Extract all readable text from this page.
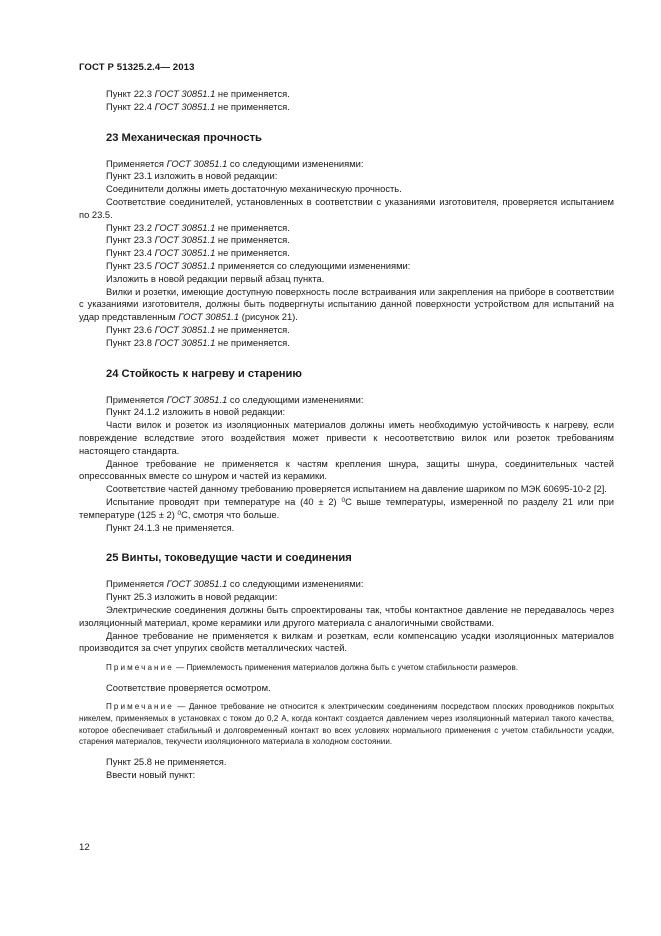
ГОСТ Р 51325.2.4— 2013

Пункт 22.3 ГОСТ 30851.1 не применяется.

Пункт 22.4 ГОСТ 30851.1 не применяется.

23 Механическая прочность

Применяется ГОСТ 30851.1 со следующими изменениями:

Пункт 23.1 изложить в новой редакции:

Соединители должны иметь достаточную механическую прочность.

Соответствие соединителей, установленных в соответствии с указаниями изготовителя, проверяется испытанием по 23.5.

Пункт 23.2 ГОСТ 30851.1 не применяется.

Пункт 23.3 ГОСТ 30851.1 не применяется.

Пункт 23.4 ГОСТ 30851.1 не применяется.

Пункт 23.5 ГОСТ 30851.1 применяется со следующими изменениями:

Изложить в новой редакции первый абзац пункта.

Вилки и розетки, имеющие доступную поверхность после встраивания или закрепления на приборе в соответствии с указаниями изготовителя, должны быть подвергнуты испытанию данной поверхности устройством для испытаний на удар представленным ГОСТ 30851.1 (рисунок 21).

Пункт 23.6 ГОСТ 30851.1 не применяется.

Пункт 23.8 ГОСТ 30851.1 не применяется.

24 Стойкость к нагреву и старению

Применяется ГОСТ 30851.1 со следующими изменениями:

Пункт 24.1.2 изложить в новой редакции:

Части вилок и розеток из изоляционных материалов должны иметь необходимую устойчивость к нагреву, если повреждение вследствие этого воздействия может привести к несоответствию вилок или розеток требованиям настоящего стандарта.

Данное требование не применяется к частям крепления шнура, защиты шнура, соединительных частей опрессованных вместе со шнуром и частей из керамики.

Соответствие частей данному требованию проверяется испытанием на давление шариком по МЭК 60695-10-2 [2].

Испытание проводят при температуре на (40 ± 2) $^0$С выше температуры, измеренной по разделу 21 или при температуре (125 ± 2) $^0$С, смотря что больше.

Пункт 24.1.3 не применяется.

25 Винты, токоведущие части и соединения

Применяется ГОСТ 30851.1 со следующими изменениями:

Пункт 25.3 изложить в новой редакции:

Электрические соединения должны быть спроектированы так, чтобы контактное давление не передавалось через изоляционный материал, кроме керамики или другого материала с аналогичными свойствами.

Данное требование не применяется к вилкам и розеткам, если компенсацию усадки изоляционных материалов производится за счет упругих свойств металлических частей.

Примечание — Приемлемость применения материалов должна быть с учетом стабильности размеров.

Соответствие проверяется осмотром.

Примечание — Данное требование не относится к электрическим соединениям посредством плоских проводников покрытых никелем, применяемых в установках с током до 0,2 А, когда контакт создается давлением через изоляционный материал такого качества, которое обеспечивает стабильный и долговременный контакт во всех условиях нормального применения с учетом стабильности усадки, старения материалов, текучести изоляционного материала в холодном состоянии.

Пункт 25.8 не применяется.

Ввести новый пункт:

12
